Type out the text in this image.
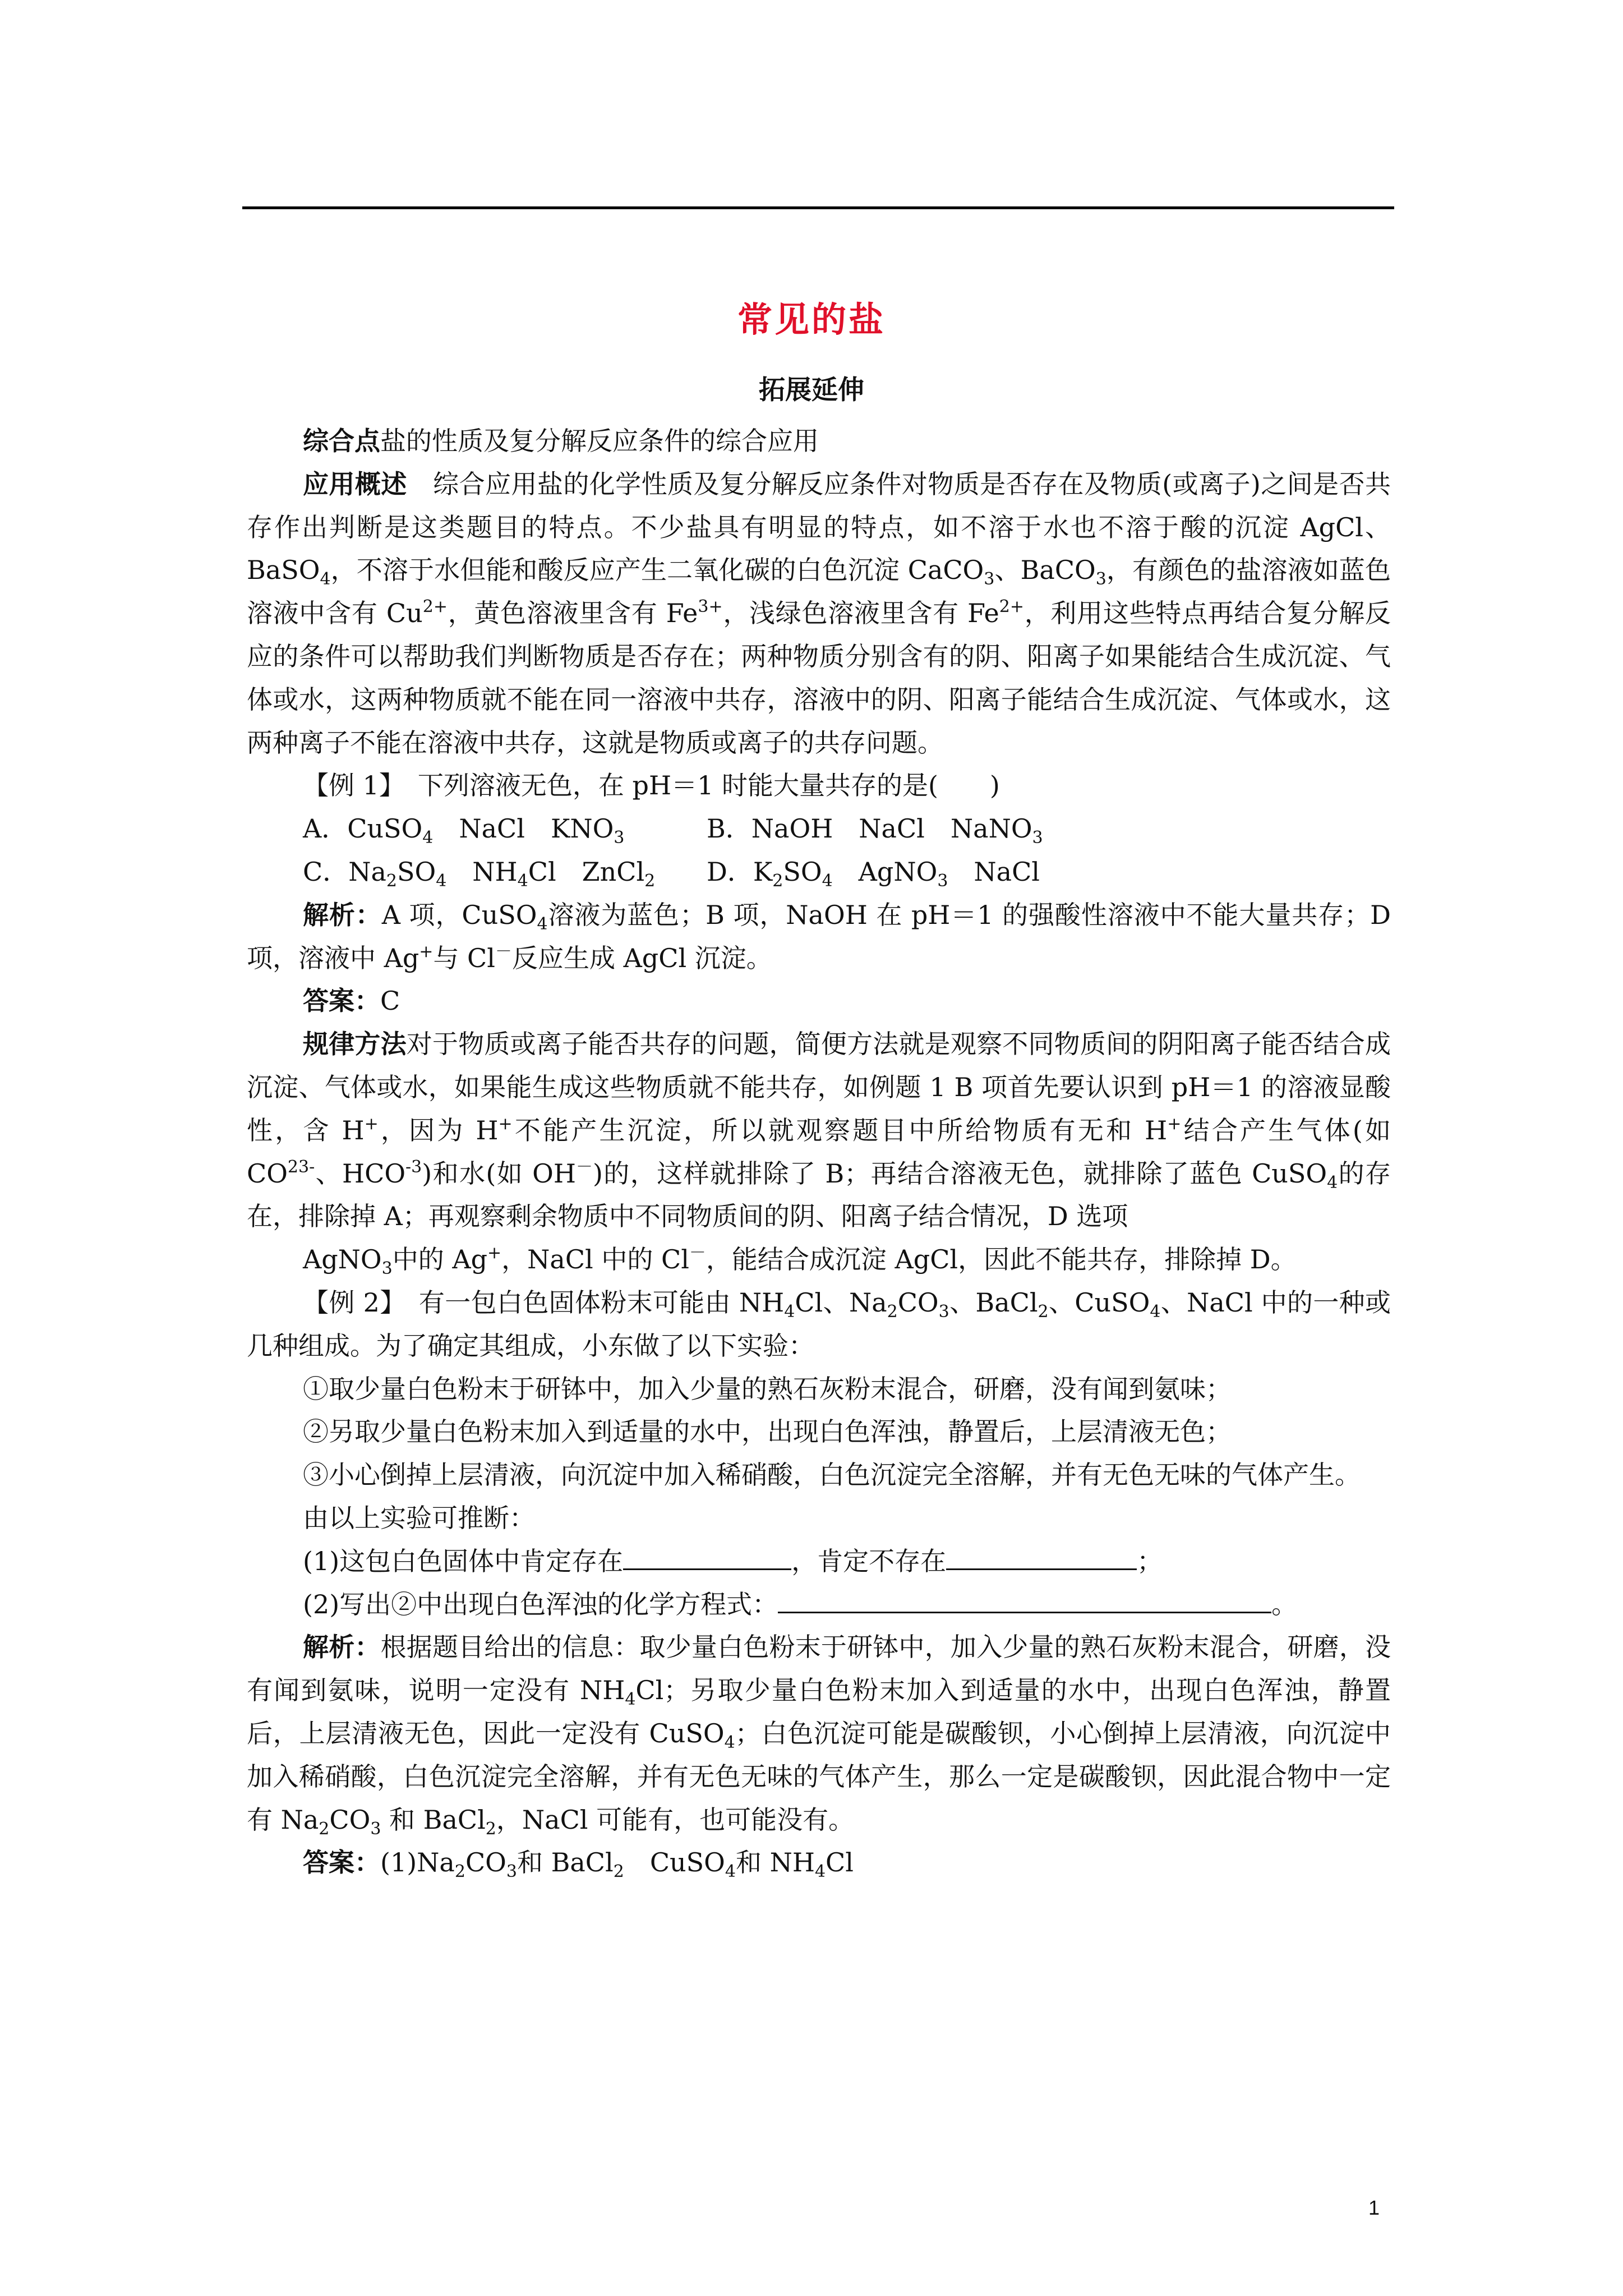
常见的盐
拓展延伸

综合点盐的性质及复分解反应条件的综合应用

应用概述　综合应用盐的化学性质及复分解反应条件对物质是否存在及物质(或离子)之间是否共存作出判断是这类题目的特点。不少盐具有明显的特点，如不溶于水也不溶于酸的沉淀 AgCl、BaSO$_4$，不溶于水但能和酸反应产生二氧化碳的白色沉淀 CaCO$_3$、BaCO$_3$，有颜色的盐溶液如蓝色溶液中含有 $Cu^{2+}$，黄色溶液里含有 $Fe^{3+}$，浅绿色溶液里含有 $Fe^{2+}$，利用这些特点再结合复分解反应的条件可以帮助我们判断物质是否存在；两种物质分别含有的阴、阳离子如果能结合生成沉淀、气体或水，这两种物质就不能在同一溶液中共存，溶液中的阴、阳离子能结合生成沉淀、气体或水，这两种离子不能在溶液中共存，这就是物质或离子的共存问题。

【例 1】　下列溶液无色，在 pH＝1 时能大量共存的是(　　)

A．CuSO$_4$　NaCl　$KNO_3$	B．NaOH　NaCl　NaNO$_3$

C．$Na_2SO_4$　$NH_4Cl$　ZnCl$_2$ D．$K_2SO_4$　AgNO$_3$　NaCl

解析：A 项，CuSO$_4$溶液为蓝色；B 项，NaOH 在 pH＝1 的强酸性溶液中不能大量共存；D 项，溶液中 Ag+与 Cl－反应生成 AgCl 沉淀。

答案：C

规律方法对于物质或离子能否共存的问题，简便方法就是观察不同物质间的阴阳离子能否结合成沉淀、气体或水，如果能生成这些物质就不能共存，如例题 1 B 项首先要认识到 pH＝1 的溶液显酸性，含 H+，因为 H+不能产生沉淀，所以就观察题目中所给物质有无和 H+结合产生气体(如 $CO^{23-}$、$HCO^{-3}$)和水(如 OH－)的，这样就排除了 B；再结合溶液无色，就排除了蓝色 CuSO$_4$的存在，排除掉 A；再观察剩余物质中不同物质间的阴、阳离子结合情况，D 选项

AgNO$_3$中的 Ag+，NaCl 中的 Cl－，能结合成沉淀 AgCl，因此不能共存，排除掉 D。

【例 2】　有一包白色固体粉末可能由 $NH_4Cl$、$Na_2CO_3$、BaCl$_2$、CuSO$_4$、NaCl 中的一种或几种组成。为了确定其组成，小东做了以下实验：

①取少量白色粉末于研钵中，加入少量的熟石灰粉末混合，研磨，没有闻到氨味；

②另取少量白色粉末加入到适量的水中，出现白色浑浊，静置后，上层清液无色；

③小心倒掉上层清液，向沉淀中加入稀硝酸，白色沉淀完全溶解，并有无色无味的气体产生。

由以上实验可推断：

(1)这包白色固体中肯定存在	，肯定不存在	；

(2)写出②中出现白色浑浊的化学方程式：	。

解析：根据题目给出的信息：取少量白色粉末于研钵中，加入少量的熟石灰粉末混合，研磨，没有闻到氨味，说明一定没有 $NH_4Cl$；另取少量白色粉末加入到适量的水中，出现白色浑浊，静置后，上层清液无色，因此一定没有 CuSO$_4$；白色沉淀可能是碳酸钡，小心倒掉上层清液，向沉淀中加入稀硝酸，白色沉淀完全溶解，并有无色无味的气体产生，那么一定是碳酸钡，因此混合物中一定有 $Na_2CO_3$ 和 BaCl$_2$，NaCl 可能有，也可能没有。

答案：$(1)Na_2CO_3$和 BaCl$_2$　CuSO$_4$和 $NH_4Cl$

1
